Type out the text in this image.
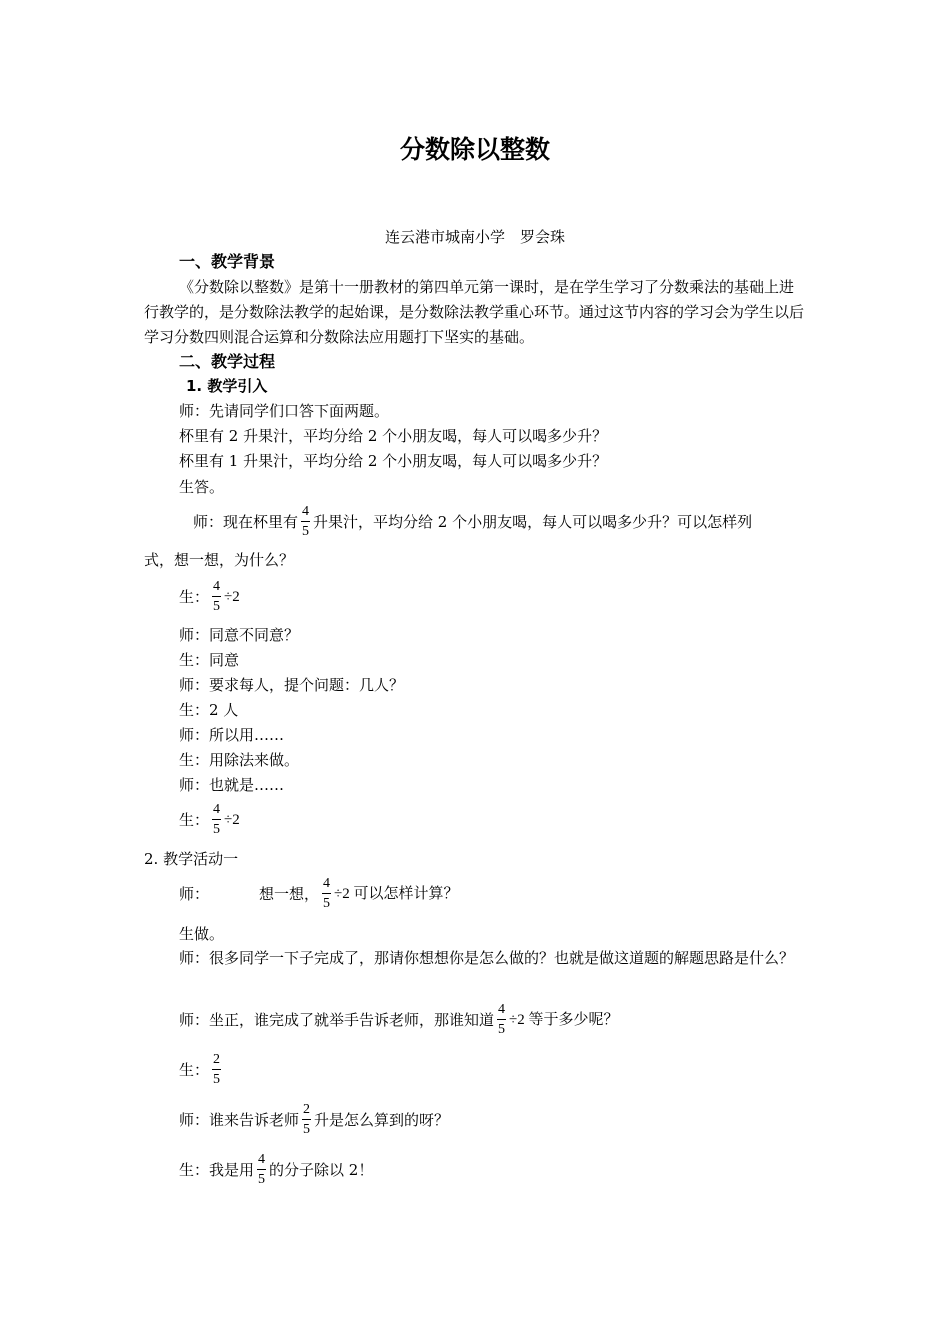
分数除以整数
连云港市城南小学　罗会珠
一、教学背景
《分数除以整数》是第十一册教材的第四单元第一课时，是在学生学习了分数乘法的基础上进行教学的，是分数除法教学的起始课，是分数除法教学重心环节。通过这节内容的学习会为学生以后学习分数四则混合运算和分数除法应用题打下坚实的基础。
二、教学过程
1. 教学引入
师：先请同学们口答下面两题。
杯里有 2 升果汁，平均分给 2 个小朋友喝，每人可以喝多少升？
杯里有 1 升果汁，平均分给 2 个小朋友喝，每人可以喝多少升？
生答。
师：现在杯里有 $\frac{4}{5}$ 升果汁，平均分给 2 个小朋友喝，每人可以喝多少升？可以怎样列
式，想一想，为什么？
生： $\frac{4}{5} \div 2$
师：同意不同意？
生：同意
师：要求每人，提个问题：几人？
生：2 人
师：所以用……
生：用除法来做。
师：也就是……
生： $\frac{4}{5} \div 2$
2. 教学活动一
师：	想一想， $\frac{4}{5} \div 2$ 可以怎样计算？
生做。
师：很多同学一下子完成了，那请你想想你是怎么做的？也就是做这道题的解题思路是什么？
师：坐正，谁完成了就举手告诉老师，那谁知道 $\frac{4}{5} \div 2$ 等于多少呢？
生： $\frac{2}{5}$
师：谁来告诉老师 $\frac{2}{5}$ 升是怎么算到的呀？
生：我是用 $\frac{4}{5}$ 的分子除以 2！
